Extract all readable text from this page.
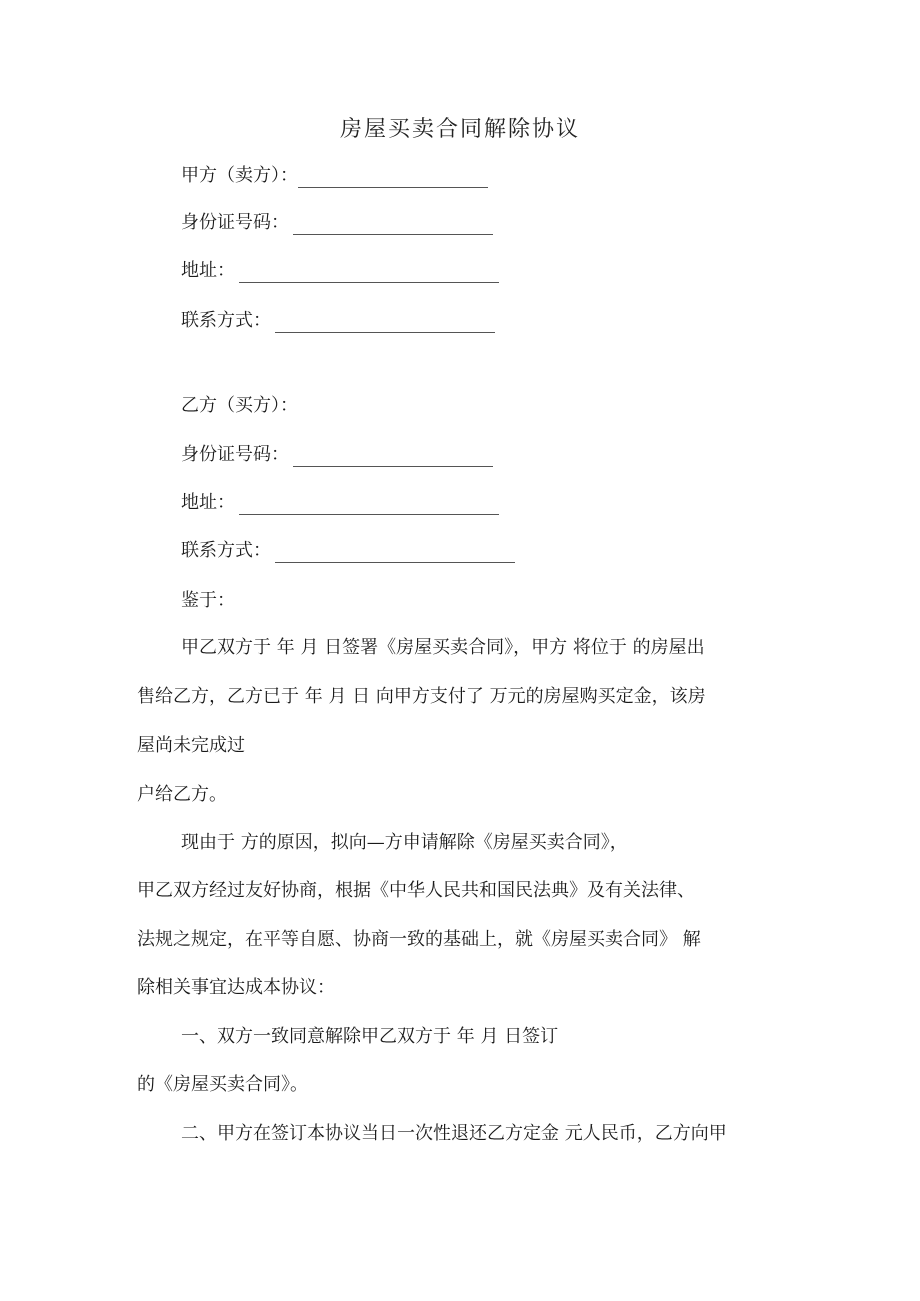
房屋买卖合同解除协议
甲方（卖方）：
身份证号码：
地址：
联系方式：
乙方（买方）：
身份证号码：
地址：
联系方式：
鉴于：
甲乙双方于 年 月 日签署《房屋买卖合同》，甲方 将位于 的房屋出
售给乙方，乙方已于 年 月 日 向甲方支付了 万元的房屋购买定金，该房
屋尚未完成过
户给乙方。
现由于 方的原因，拟向—方申请解除《房屋买卖合同》，
甲乙双方经过友好协商，根据《中华人民共和国民法典》及有关法律、
法规之规定，在平等自愿、协商一致的基础上，就《房屋买卖合同》 解
除相关事宜达成本协议：
一、双方一致同意解除甲乙双方于 年 月 日签订
的《房屋买卖合同》。
二、甲方在签订本协议当日一次性退还乙方定金 元人民币，乙方向甲
